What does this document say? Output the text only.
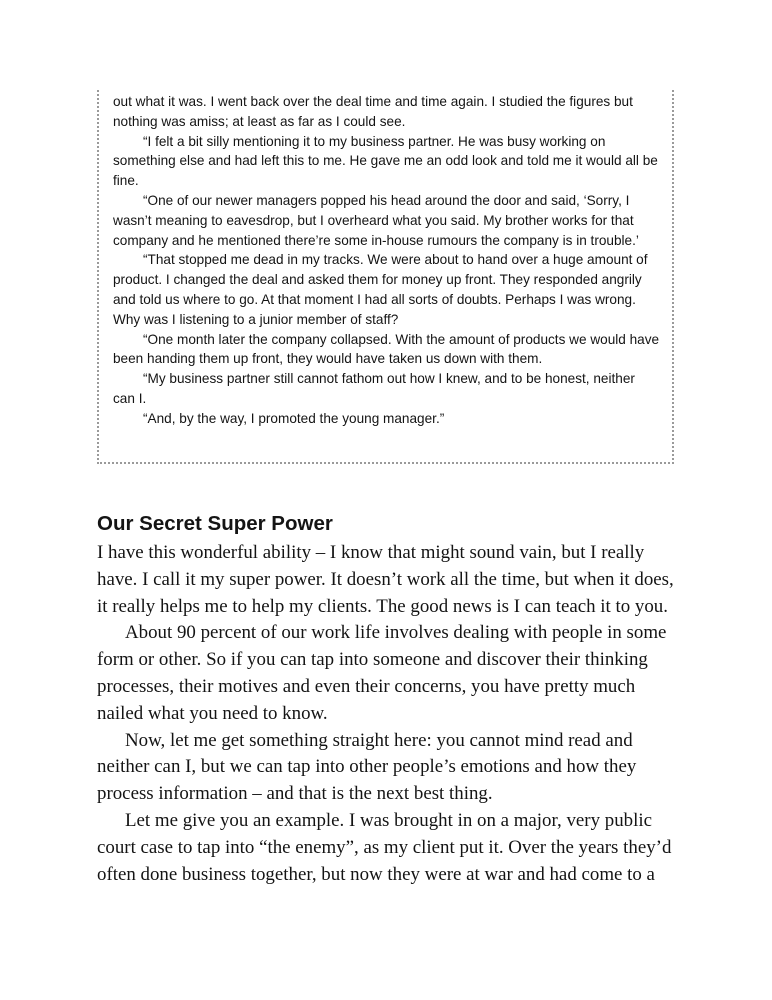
out what it was. I went back over the deal time and time again. I studied the figures but nothing was amiss; at least as far as I could see.

“I felt a bit silly mentioning it to my business partner. He was busy working on something else and had left this to me. He gave me an odd look and told me it would all be fine.

“One of our newer managers popped his head around the door and said, ‘Sorry, I wasn’t meaning to eavesdrop, but I overheard what you said. My brother works for that company and he mentioned there’re some in-house rumours the company is in trouble.’

“That stopped me dead in my tracks. We were about to hand over a huge amount of product. I changed the deal and asked them for money up front. They responded angrily and told us where to go. At that moment I had all sorts of doubts. Perhaps I was wrong. Why was I listening to a junior member of staff?

“One month later the company collapsed. With the amount of products we would have been handing them up front, they would have taken us down with them.

“My business partner still cannot fathom out how I knew, and to be honest, neither can I.

“And, by the way, I promoted the young manager.”

Our Secret Super Power

I have this wonderful ability – I know that might sound vain, but I really have. I call it my super power. It doesn’t work all the time, but when it does, it really helps me to help my clients. The good news is I can teach it to you.

About 90 percent of our work life involves dealing with people in some form or other. So if you can tap into someone and discover their thinking processes, their motives and even their concerns, you have pretty much nailed what you need to know.

Now, let me get something straight here: you cannot mind read and neither can I, but we can tap into other people’s emotions and how they process information – and that is the next best thing.

Let me give you an example. I was brought in on a major, very public court case to tap into “the enemy”, as my client put it. Over the years they’d often done business together, but now they were at war and had come to a
